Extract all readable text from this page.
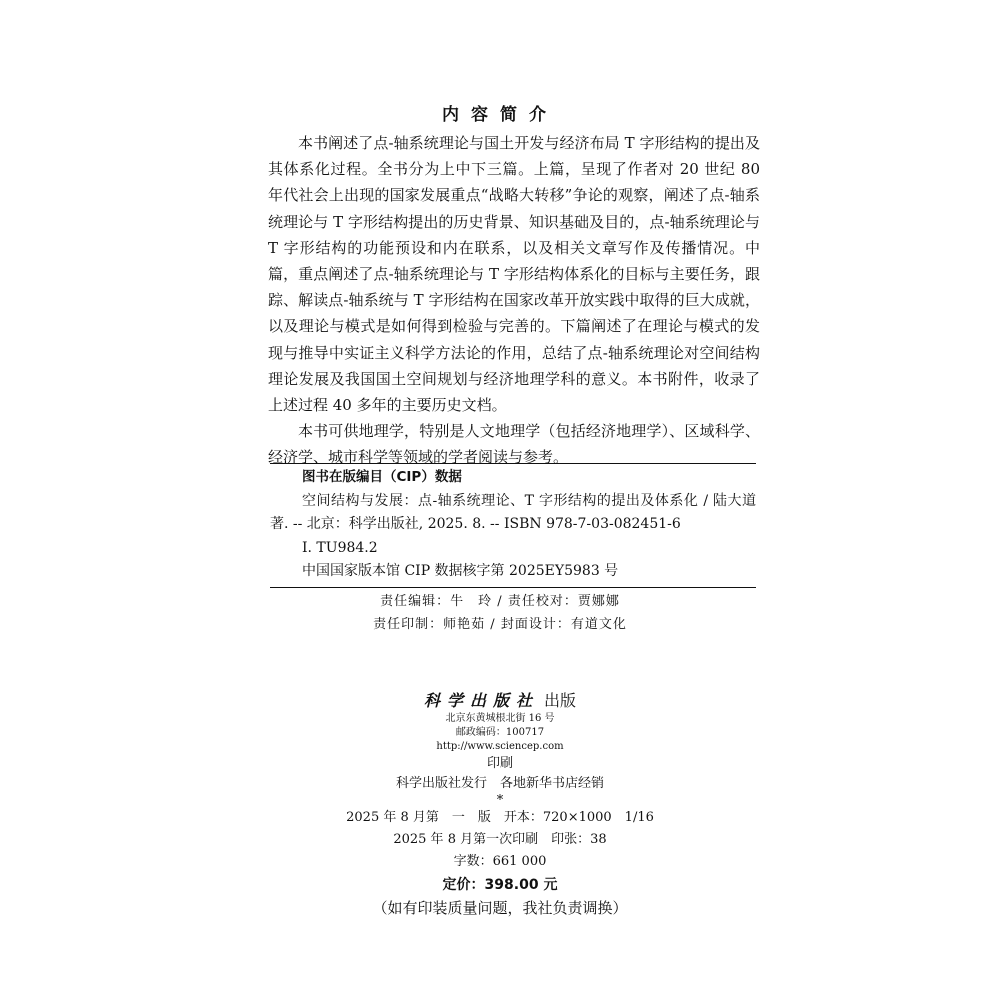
内容简介

本书阐述了点-轴系统理论与国土开发与经济布局 T 字形结构的提出及其体系化过程。全书分为上中下三篇。上篇，呈现了作者对 20 世纪 80 年代社会上出现的国家发展重点“战略大转移”争论的观察，阐述了点-轴系统理论与 T 字形结构提出的历史背景、知识基础及目的，点-轴系统理论与 T 字形结构的功能预设和内在联系，以及相关文章写作及传播情况。中篇，重点阐述了点-轴系统理论与 T 字形结构体系化的目标与主要任务，跟踪、解读点-轴系统与 T 字形结构在国家改革开放实践中取得的巨大成就，以及理论与模式是如何得到检验与完善的。下篇阐述了在理论与模式的发现与推导中实证主义科学方法论的作用，总结了点-轴系统理论对空间结构理论发展及我国国土空间规划与经济地理学科的意义。本书附件，收录了上述过程 40 多年的主要历史文档。

本书可供地理学，特别是人文地理学（包括经济地理学）、区域科学、经济学、城市科学等领域的学者阅读与参考。

图书在版编目（CIP）数据
空间结构与发展：点-轴系统理论、T 字形结构的提出及体系化 / 陆大道著. -- 北京：科学出版社, 2025. 8. -- ISBN 978-7-03-082451-6
Ⅰ. TU984.2
中国国家版本馆 CIP 数据核字第 2025EY5983 号
责任编辑：牛　玲 / 责任校对：贾娜娜
责任印制：师艳茹 / 封面设计：有道文化
科学出版社 出版
北京东黄城根北街 16 号
邮政编码：100717
http://www.sciencep.com
印刷
科学出版社发行　各地新华书店经销
*
2025 年 8 月第　一　版　开本：720×1000　1/16
2025 年 8 月第一次印刷　印张：38
字数：661 000
定价：398.00 元
（如有印装质量问题，我社负责调换）
